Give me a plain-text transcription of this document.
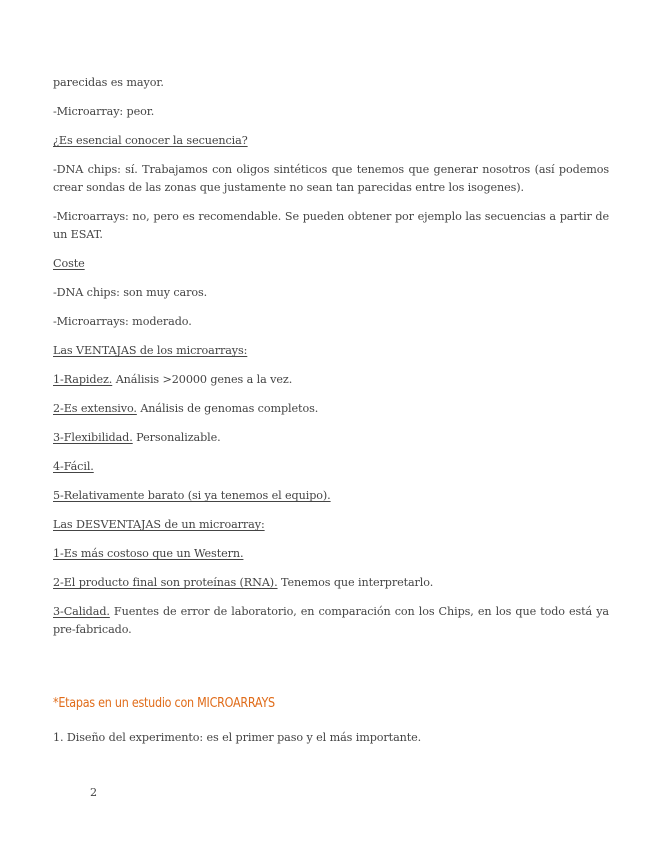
parecidas es mayor.

-Microarray: peor.

¿Es esencial conocer la secuencia?

-DNA chips: sí. Trabajamos con oligos sintéticos que tenemos que generar nosotros (así podemos crear sondas de las zonas que justamente no sean tan parecidas entre los isogenes).

-Microarrays: no, pero es recomendable. Se pueden obtener por ejemplo las secuencias a partir de un ESAT.

Coste

-DNA chips: son muy caros.

-Microarrays: moderado.

Las VENTAJAS de los microarrays:

1-Rapidez. Análisis >20000 genes a la vez.

2-Es extensivo. Análisis de genomas completos.

3-Flexibilidad. Personalizable.

4-Fácil.

5-Relativamente barato (si ya tenemos el equipo).

Las DESVENTAJAS de un microarray:

1-Es más costoso que un Western.

2-El producto final son proteínas (RNA). Tenemos que interpretarlo.

3-Calidad. Fuentes de error de laboratorio, en comparación con los Chips, en los que todo está ya pre-fabricado.

*Etapas en un estudio con MICROARRAYS
1. Diseño del experimento: es el primer paso y el más importante.
2
